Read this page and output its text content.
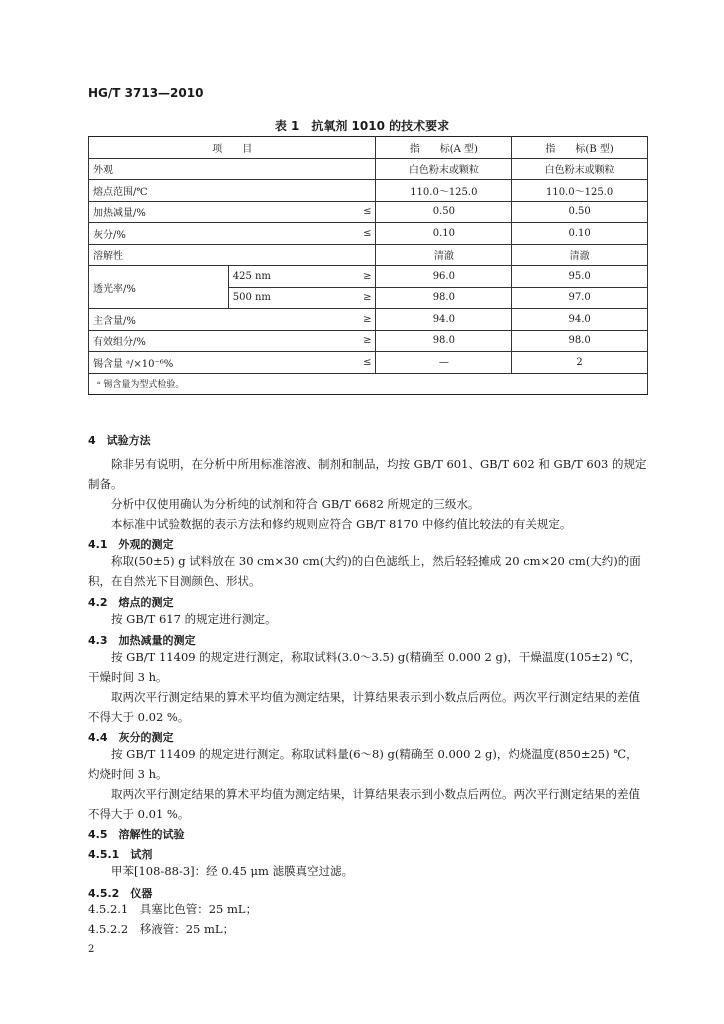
HG/T 3713—2010
表 1　抗氧剂 1010 的技术要求
项　　目			指　　标(A 型)	指　　标(B 型)
外观			白色粉末或颗粒	白色粉末或颗粒
熔点范围/℃			110.0～125.0	110.0～125.0
加热减量/%		≤	0.50	0.50
灰分/%		≤	0.10	0.10
溶解性			清澈	清澈
透光率/%	425 nm	≥	96.0	95.0
	500 nm	≥	98.0	97.0
主含量/%		≥	94.0	94.0
有效组分/%		≥	98.0	98.0
锡含量 ᵃ/×10⁻⁶%		≤	—	2
ᵃ 锡含量为型式检验。				
4　试验方法

除非另有说明，在分析中所用标准溶液、制剂和制品，均按 GB/T 601、GB/T 602 和 GB/T 603 的规定制备。

分析中仅使用确认为分析纯的试剂和符合 GB/T 6682 所规定的三级水。

本标准中试验数据的表示方法和修约规则应符合 GB/T 8170 中修约值比较法的有关规定。

4.1　外观的测定

称取(50±5) g 试料放在 30 cm×30 cm(大约)的白色滤纸上，然后轻轻摊成 20 cm×20 cm(大约)的面积，在自然光下目测颜色、形状。

4.2　熔点的测定

按 GB/T 617 的规定进行测定。

4.3　加热减量的测定

按 GB/T 11409 的规定进行测定，称取试料(3.0～3.5) g(精确至 0.000 2 g)，干燥温度(105±2) ℃，干燥时间 3 h。

取两次平行测定结果的算术平均值为测定结果，计算结果表示到小数点后两位。两次平行测定结果的差值不得大于 0.02 %。

4.4　灰分的测定

按 GB/T 11409 的规定进行测定。称取试料量(6～8) g(精确至 0.000 2 g)，灼烧温度(850±25) ℃，灼烧时间 3 h。

取两次平行测定结果的算术平均值为测定结果，计算结果表示到小数点后两位。两次平行测定结果的差值不得大于 0.01 %。

4.5　溶解性的试验
4.5.1　试剂

甲苯[108-88-3]：经 0.45 μm 滤膜真空过滤。

4.5.2　仪器
4.5.2.1　具塞比色管：25 mL；
4.5.2.2　移液管：25 mL；
2
